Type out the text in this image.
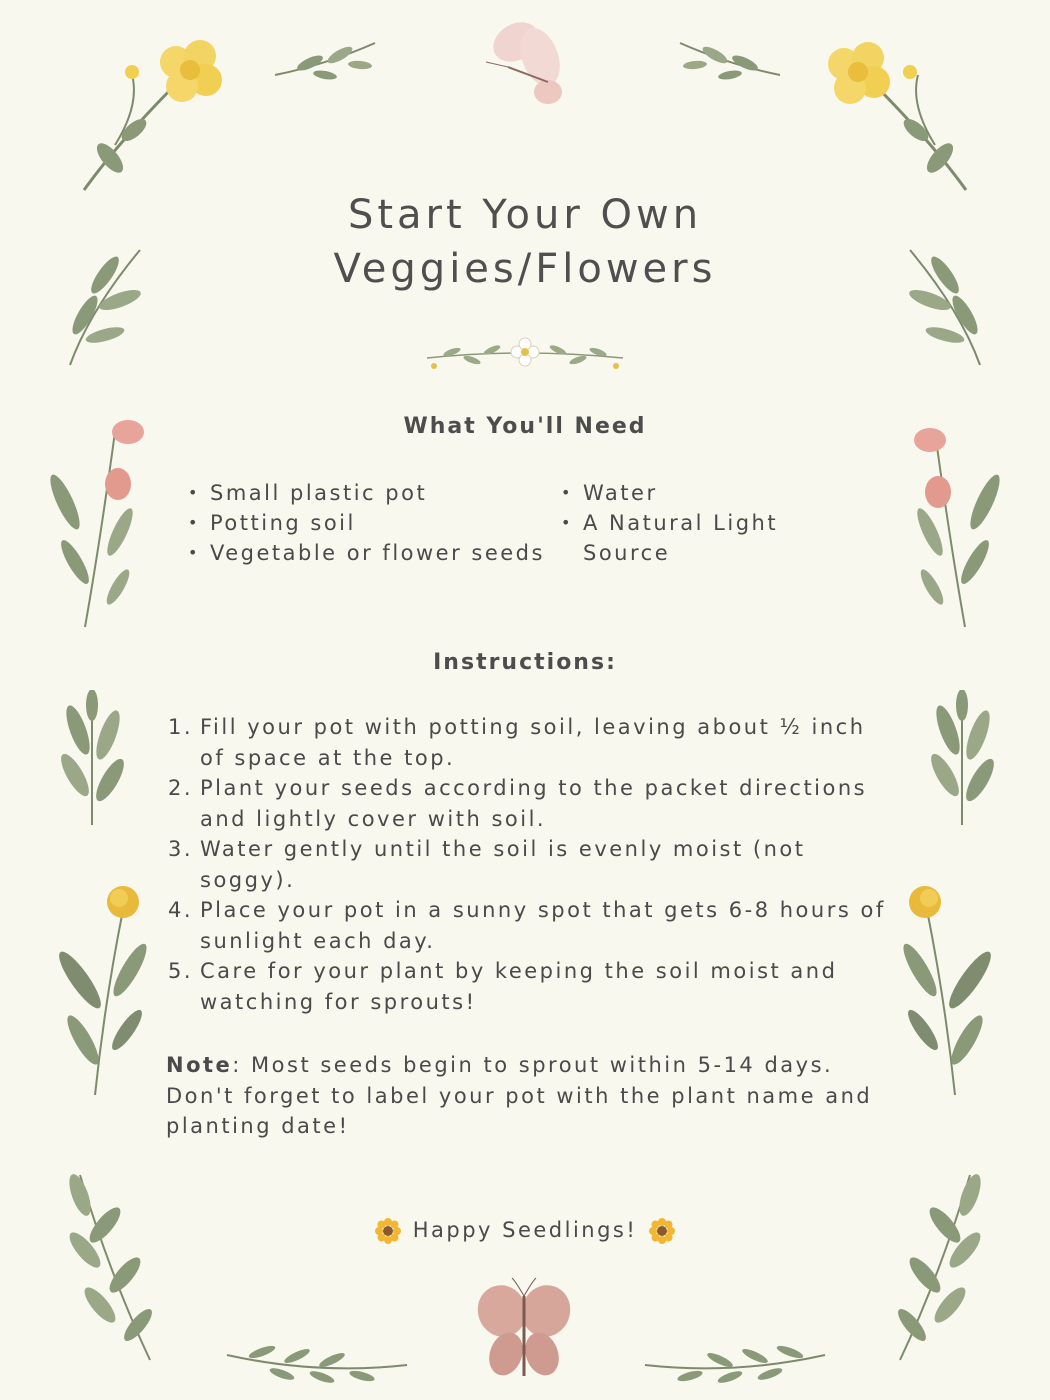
Start Your Own
Veggies/Flowers
What You'll Need
• Small plastic pot
• Potting soil
• Vegetable or flower seeds
• Water
• A Natural Light Source
Instructions:
1. Fill your pot with potting soil, leaving about ½ inch of space at the top.
2. Plant your seeds according to the packet directions and lightly cover with soil.
3. Water gently until the soil is evenly moist (not soggy).
4. Place your pot in a sunny spot that gets 6-8 hours of sunlight each day.
5. Care for your plant by keeping the soil moist and watching for sprouts!

Note: Most seeds begin to sprout within 5-14 days. Don't forget to label your pot with the plant name and planting date!

Happy Seedlings!
